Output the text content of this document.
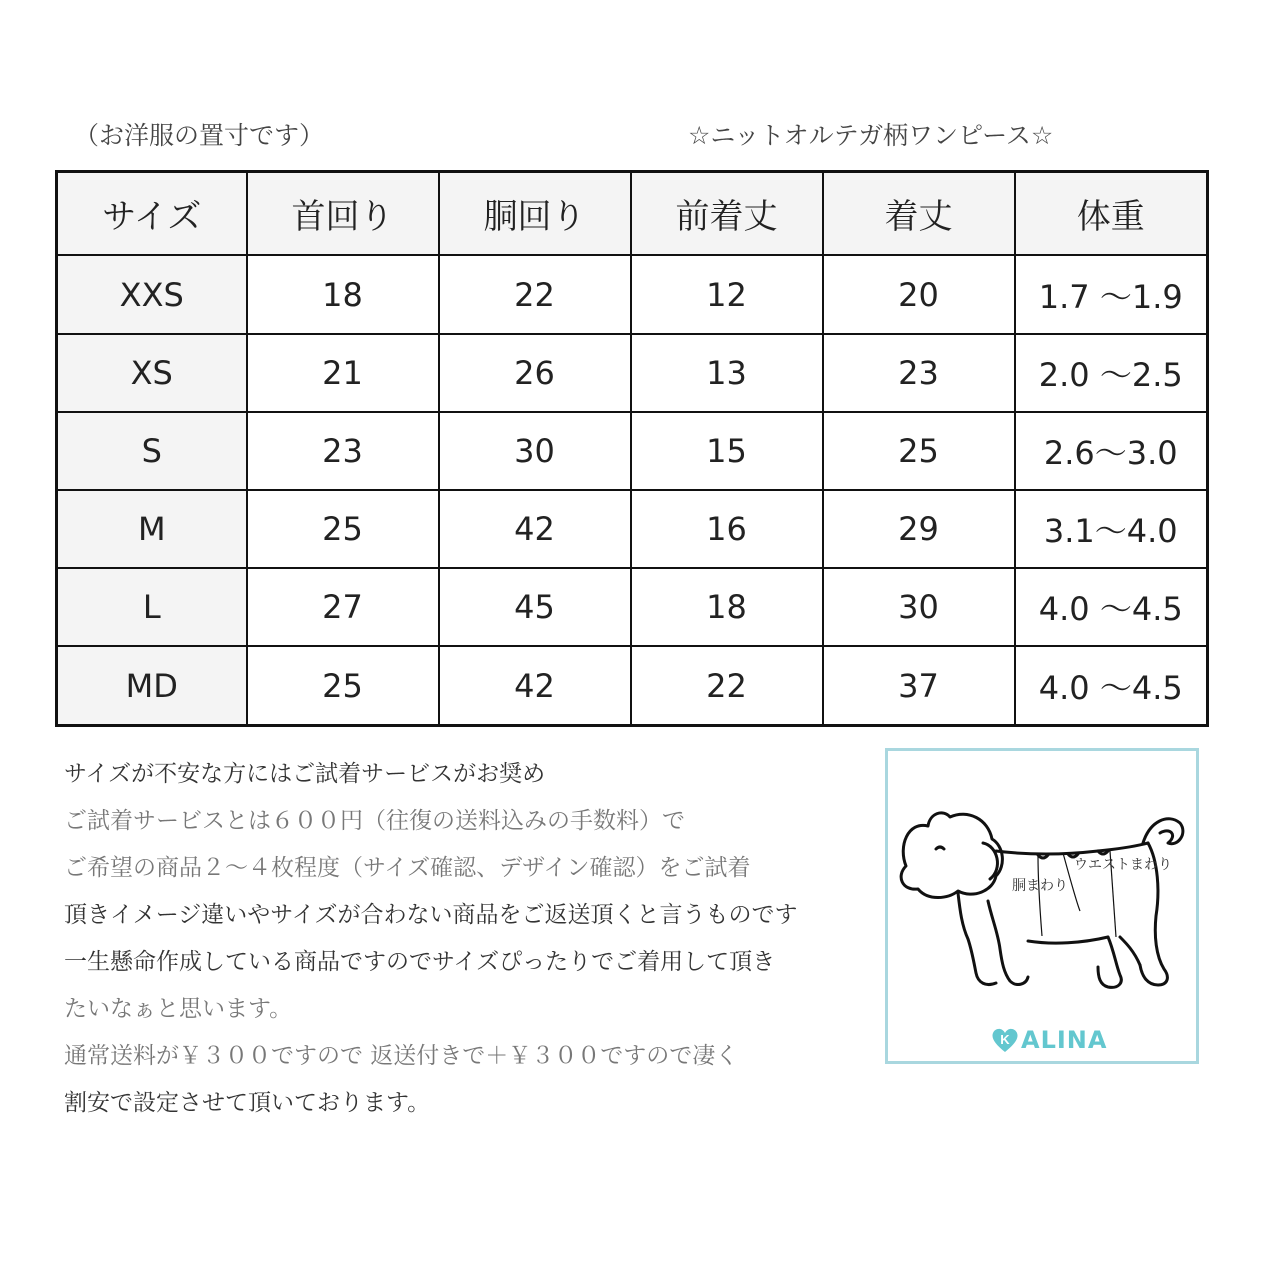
（お洋服の置寸です）	☆ニットオルテガ柄ワンピース☆
サイズ	首回り	胴回り	前着丈	着丈	体重
XXS	18	22	12	20	1.7 〜1.9
XS	21	26	13	23	2.0 〜2.5
S	23	30	15	25	2.6〜3.0
M	25	42	16	29	3.1〜4.0
L	27	45	18	30	4.0 〜4.5
MD	25	42	22	37	4.0 〜4.5

サイズが不安な方にはご試着サービスがお奨め

ご試着サービスとは６００円（往復の送料込みの手数料）で

ご希望の商品２〜４枚程度（サイズ確認、デザイン確認）をご試着

頂きイメージ違いやサイズが合わない商品をご返送頂くと言うものです

一生懸命作成している商品ですのでサイズぴったりでご着用して頂き

たいなぁと思います。

通常送料が￥３００ですので 返送付きで＋￥３００ですので凄く

割安で設定させて頂いております。

ウエストまわり
胴まわり
K ALINA
